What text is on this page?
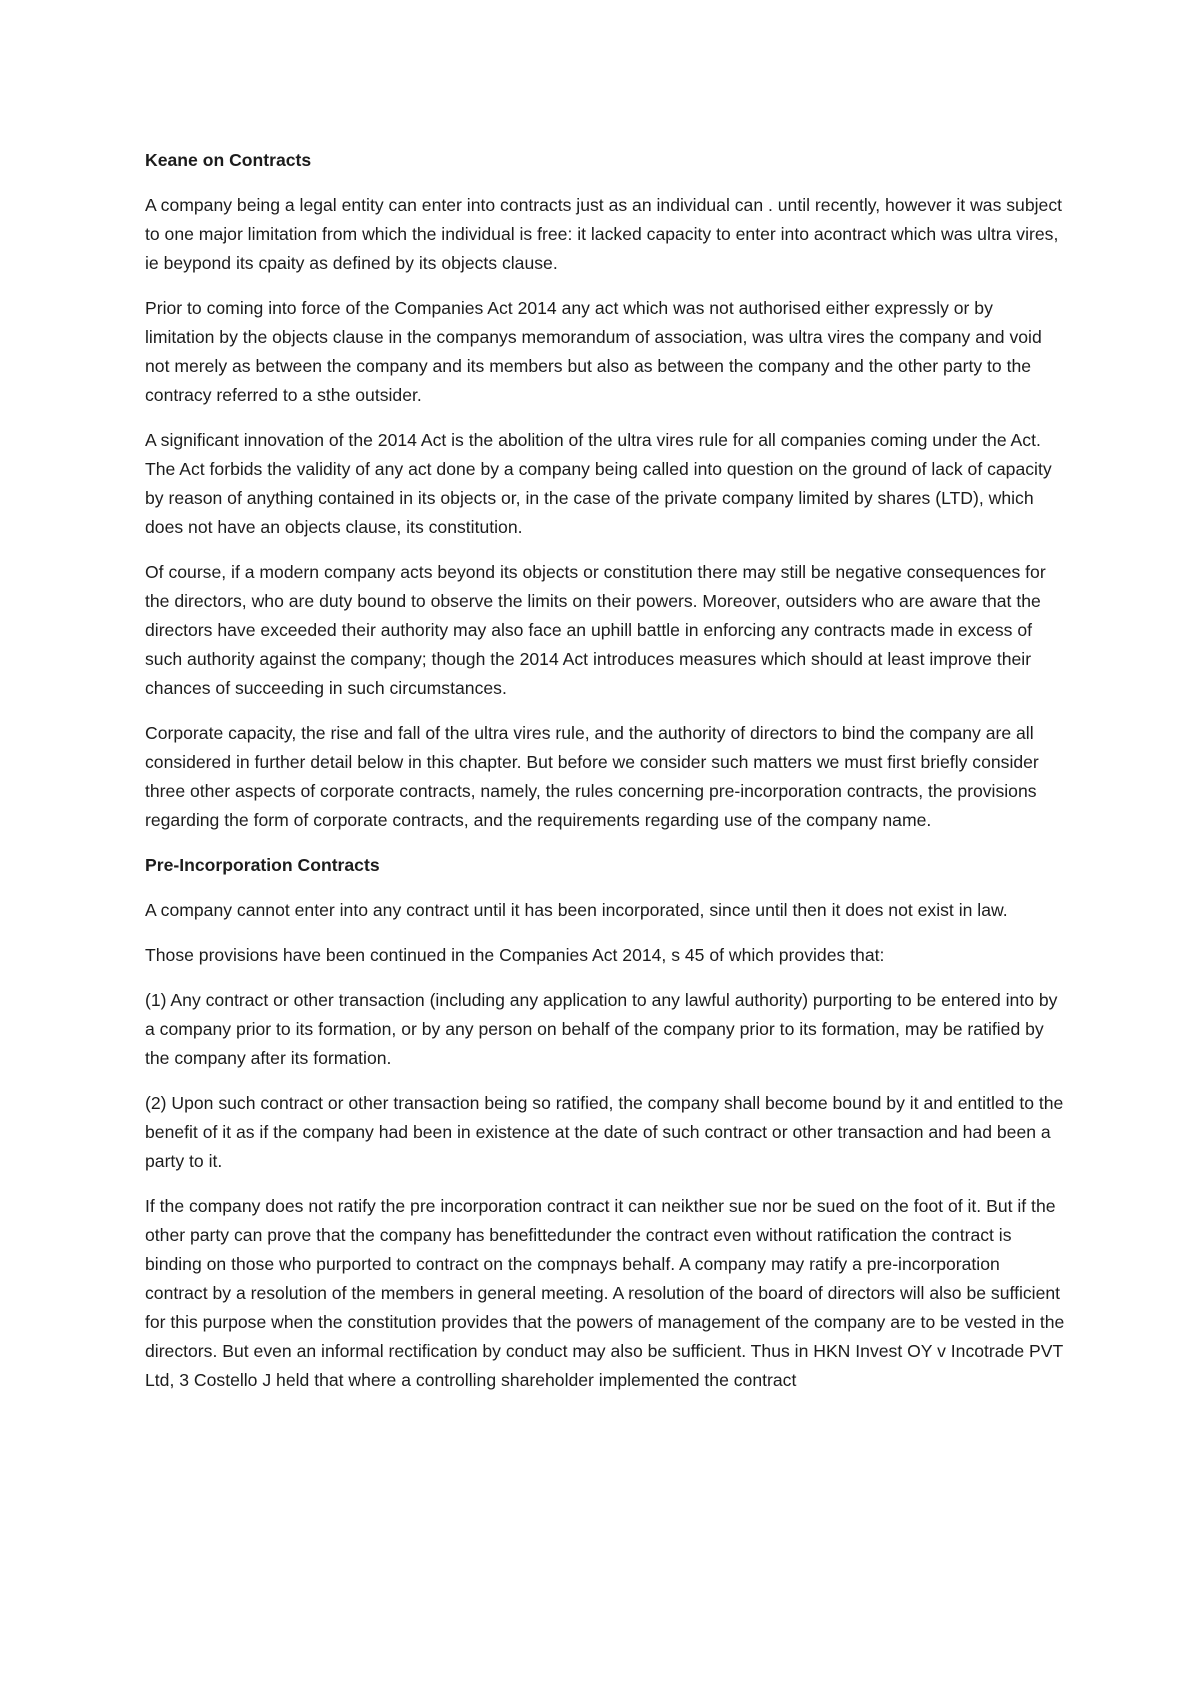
Keane on Contracts

A company being a legal entity can enter into contracts just as an individual can . until recently, however it was subject to one major limitation from which the individual is free: it lacked capacity to enter into acontract which was ultra vires, ie beypond its cpaity as defined by its objects clause.

Prior to coming into force of the Companies Act 2014 any act which was not authorised either expressly or by limitation by the objects clause in the companys memorandum of association, was ultra vires the company and void not merely as between the company and its members but also as between the company and the other party to the contracy referred to a sthe outsider.

A significant innovation of the 2014 Act is the abolition of the ultra vires rule for all companies coming under the Act. The Act forbids the validity of any act done by a company being called into question on the ground of lack of capacity by reason of anything contained in its objects or, in the case of the private company limited by shares (LTD), which does not have an objects clause, its constitution.

Of course, if a modern company acts beyond its objects or constitution there may still be negative consequences for the directors, who are duty bound to observe the limits on their powers. Moreover, outsiders who are aware that the directors have exceeded their authority may also face an uphill battle in enforcing any contracts made in excess of such authority against the company; though the 2014 Act introduces measures which should at least improve their chances of succeeding in such circumstances.

Corporate capacity, the rise and fall of the ultra vires rule, and the authority of directors to bind the company are all considered in further detail below in this chapter. But before we consider such matters we must first briefly consider three other aspects of corporate contracts, namely, the rules concerning pre-incorporation contracts, the provisions regarding the form of corporate contracts, and the requirements regarding use of the company name.

Pre-Incorporation Contracts

A company cannot enter into any contract until it has been incorporated, since until then it does not exist in law.

Those provisions have been continued in the Companies Act 2014, s 45 of which provides that:

(1) Any contract or other transaction (including any application to any lawful authority) purporting to be entered into by a company prior to its formation, or by any person on behalf of the company prior to its formation, may be ratified by the company after its formation.

(2) Upon such contract or other transaction being so ratified, the company shall become bound by it and entitled to the benefit of it as if the company had been in existence at the date of such contract or other transaction and had been a party to it.

If the company does not ratify the pre incorporation contract it can neikther sue nor be sued on the foot of it. But if the other party can prove that the company has benefittedunder the contract even without ratification the contract is binding on those who purported to contract on the compnays behalf. A company may ratify a pre-incorporation contract by a resolution of the members in general meeting. A resolution of the board of directors will also be sufficient for this purpose when the constitution provides that the powers of management of the company are to be vested in the directors. But even an informal rectification by conduct may also be sufficient. Thus in HKN Invest OY v Incotrade PVT Ltd, 3 Costello J held that where a controlling shareholder implemented the contract
